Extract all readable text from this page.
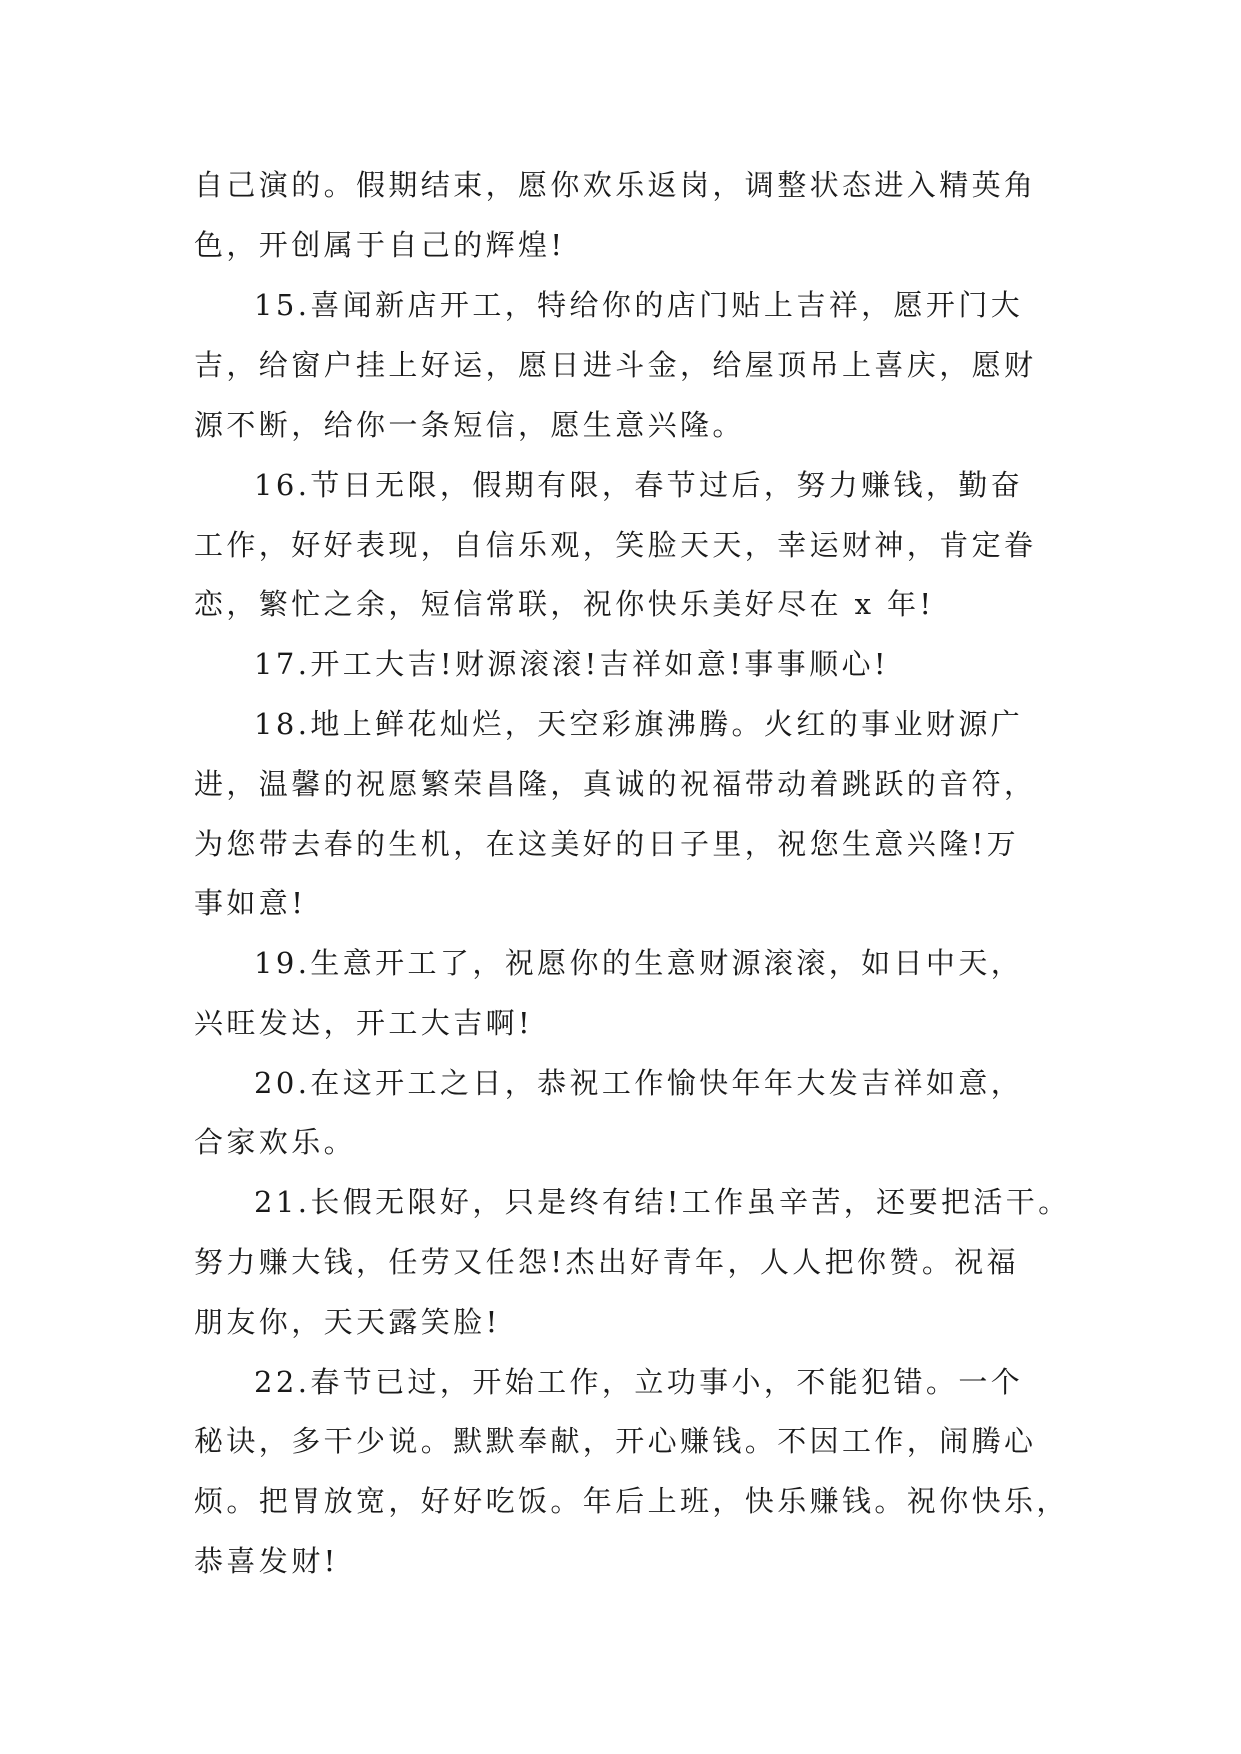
自己演的。假期结束，愿你欢乐返岗，调整状态进入精英角
色，开创属于自己的辉煌!
15.喜闻新店开工，特给你的店门贴上吉祥，愿开门大
吉，给窗户挂上好运，愿日进斗金，给屋顶吊上喜庆，愿财
源不断，给你一条短信，愿生意兴隆。
16.节日无限，假期有限，春节过后，努力赚钱，勤奋
工作，好好表现，自信乐观，笑脸天天，幸运财神，肯定眷
恋，繁忙之余，短信常联，祝你快乐美好尽在 x 年!
17.开工大吉!财源滚滚!吉祥如意!事事顺心!
18.地上鲜花灿烂，天空彩旗沸腾。火红的事业财源广
进，温馨的祝愿繁荣昌隆，真诚的祝福带动着跳跃的音符，
为您带去春的生机，在这美好的日子里，祝您生意兴隆!万
事如意!
19.生意开工了，祝愿你的生意财源滚滚，如日中天，
兴旺发达，开工大吉啊!
20.在这开工之日，恭祝工作愉快年年大发吉祥如意，
合家欢乐。
21.长假无限好，只是终有结!工作虽辛苦，还要把活干。
努力赚大钱，任劳又任怨!杰出好青年，人人把你赞。祝福
朋友你，天天露笑脸!
22.春节已过，开始工作，立功事小，不能犯错。一个
秘诀，多干少说。默默奉献，开心赚钱。不因工作，闹腾心
烦。把胃放宽，好好吃饭。年后上班，快乐赚钱。祝你快乐，
恭喜发财!
